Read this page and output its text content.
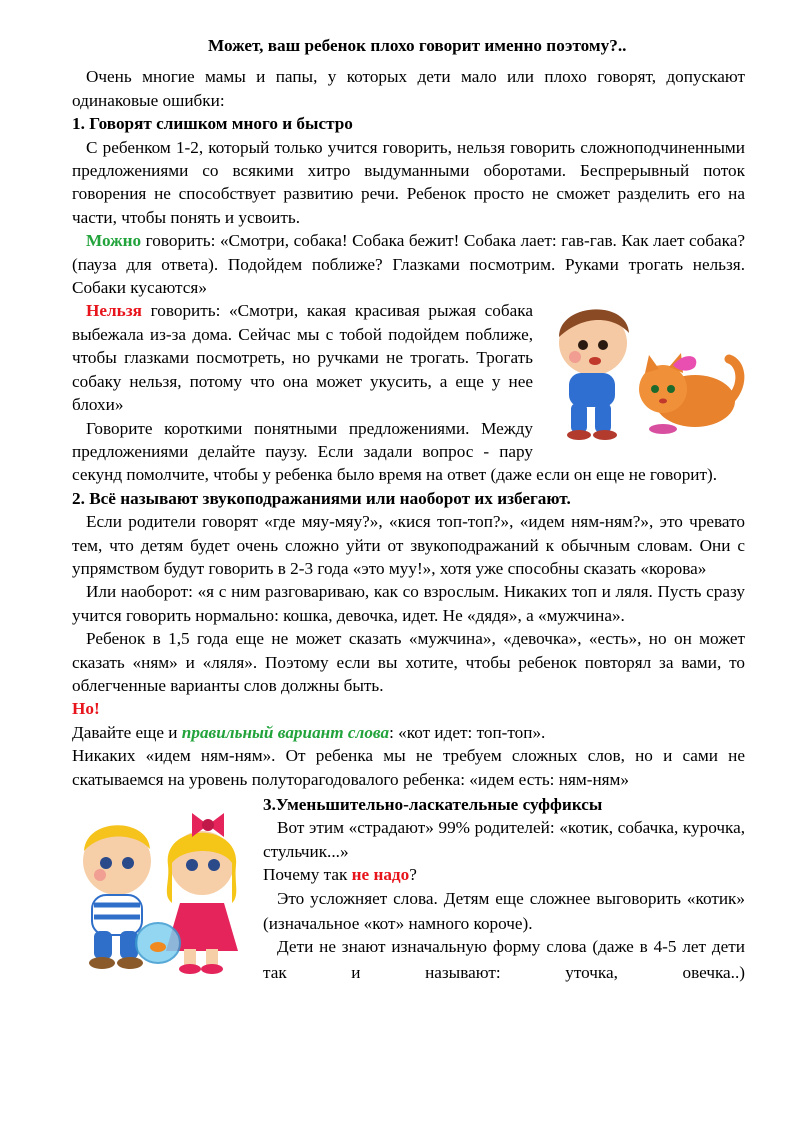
Может, ваш ребенок плохо говорит именно поэтому?..

Очень многие мамы и папы, у которых дети мало или плохо говорят, допускают одинаковые ошибки:

1. Говорят слишком много и быстро

С ребенком 1-2, который только учится говорить, нельзя говорить сложноподчиненными предложениями со всякими хитро выдуманными оборотами. Беспрерывный поток говорения не способствует развитию речи. Ребенок просто не сможет разделить его на части, чтобы понять и усвоить.

Можно говорить: «Смотри, собака! Собака бежит! Собака лает: гав-гав. Как лает собака? (пауза для ответа). Подойдем поближе? Глазками посмотрим. Руками трогать нельзя. Собаки кусаются»

Нельзя говорить: «Смотри, какая красивая рыжая собака выбежала из-за дома. Сейчас мы с тобой подойдем поближе, чтобы глазками посмотреть, но ручками не трогать. Трогать собаку нельзя, потому что она может укусить, а еще у нее блохи»

Говорите короткими понятными предложениями. Между предложениями делайте паузу. Если задали вопрос - пару секунд помолчите, чтобы у ребенка было время на ответ (даже если он еще не говорит).

2. Всё называют звукоподражаниями или наоборот их избегают.

Если родители говорят «где мяу-мяу?», «кися топ-топ?», «идем ням-ням?», это чревато тем, что детям будет очень сложно уйти от звукоподражаний к обычным словам. Они с упрямством будут говорить в 2-3 года «это муу!», хотя уже способны сказать «корова»

Или наоборот: «я с ним разговариваю, как со взрослым. Никаких топ и ляля. Пусть сразу учится говорить нормально: кошка, девочка, идет. Не «дядя», а «мужчина».

Ребенок в 1,5 года еще не может сказать «мужчина», «девочка», «есть», но он может сказать «ням» и «ляля». Поэтому если вы хотите, чтобы ребенок повторял за вами, то облегченные варианты слов должны быть.

Но!

Давайте еще и правильный вариант слова: «кот идет: топ-топ».

Никаких «идем ням-ням». От ребенка мы не требуем сложных слов, но и сами не скатываемся на уровень полуторагодовалого ребенка: «идем есть: ням-ням»

3.Уменьшительно-ласкательные суффиксы

Вот этим «страдают» 99% родителей: «котик, собачка, курочка, стульчик...»

Почему так не надо?

Это усложняет слова. Детям еще сложнее выговорить «котик» (изначальное «кот» намного короче).

Дети не знают изначальную форму слова (даже в 4-5 лет дети так и называют: уточка, овечка..)
